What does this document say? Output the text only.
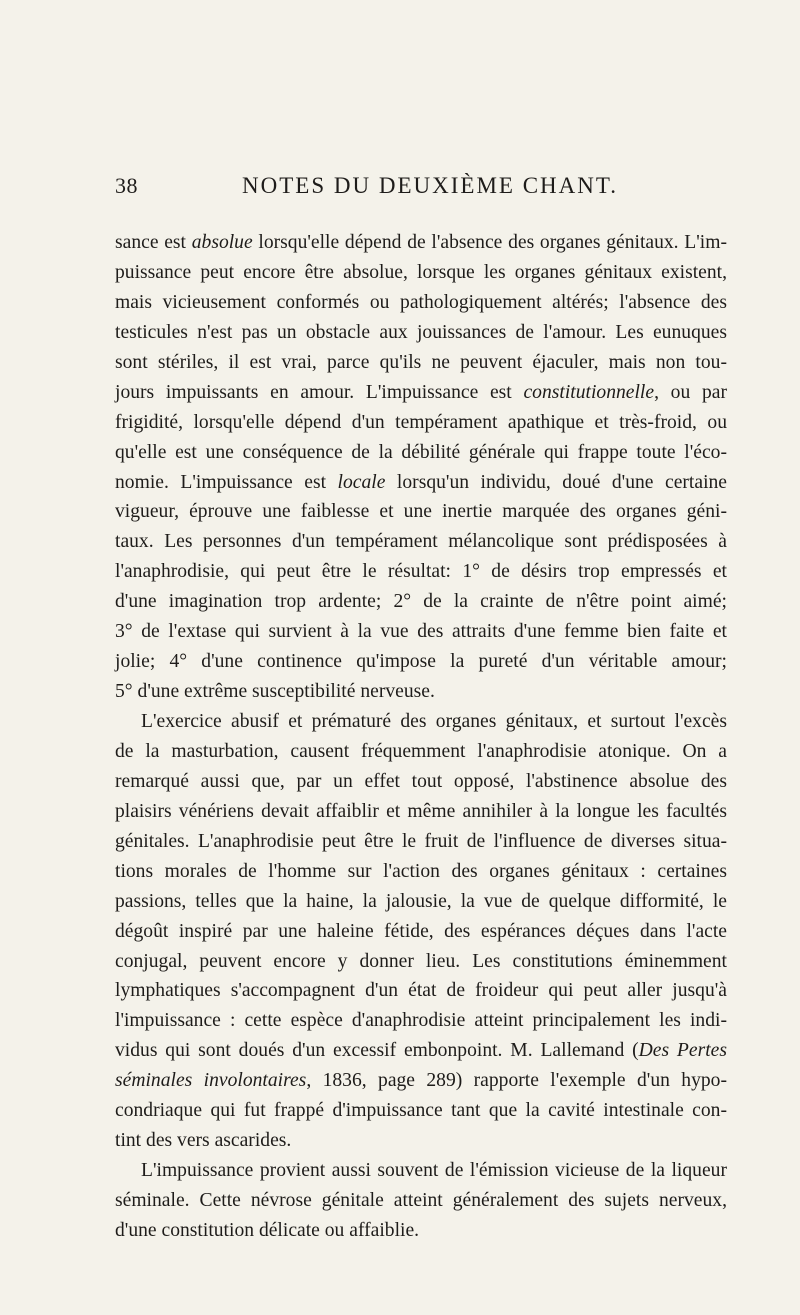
38	NOTES DU DEUXIÈME CHANT.
sance est absolue lorsqu'elle dépend de l'absence des organes génitaux. L'im-
puissance peut encore être absolue, lorsque les organes génitaux existent,
mais vicieusement conformés ou pathologiquement altérés; l'absence des
testicules n'est pas un obstacle aux jouissances de l'amour. Les eunuques
sont stériles, il est vrai, parce qu'ils ne peuvent éjaculer, mais non tou-
jours impuissants en amour. L'impuissance est constitutionnelle, ou par
frigidité, lorsqu'elle dépend d'un tempérament apathique et très-froid, ou
qu'elle est une conséquence de la débilité générale qui frappe toute l'éco-
nomie. L'impuissance est locale lorsqu'un individu, doué d'une certaine
vigueur, éprouve une faiblesse et une inertie marquée des organes géni-
taux. Les personnes d'un tempérament mélancolique sont prédisposées à
l'anaphrodisie, qui peut être le résultat: 1° de désirs trop empressés et
d'une imagination trop ardente; 2° de la crainte de n'être point aimé;
3° de l'extase qui survient à la vue des attraits d'une femme bien faite et
jolie; 4° d'une continence qu'impose la pureté d'un véritable amour;
5° d'une extrême susceptibilité nerveuse.
L'exercice abusif et prématuré des organes génitaux, et surtout l'excès
de la masturbation, causent fréquemment l'anaphrodisie atonique. On a
remarqué aussi que, par un effet tout opposé, l'abstinence absolue des
plaisirs vénériens devait affaiblir et même annihiler à la longue les facultés
génitales. L'anaphrodisie peut être le fruit de l'influence de diverses situa-
tions morales de l'homme sur l'action des organes génitaux : certaines
passions, telles que la haine, la jalousie, la vue de quelque difformité, le
dégoût inspiré par une haleine fétide, des espérances déçues dans l'acte
conjugal, peuvent encore y donner lieu. Les constitutions éminemment
lymphatiques s'accompagnent d'un état de froideur qui peut aller jusqu'à
l'impuissance : cette espèce d'anaphrodisie atteint principalement les indi-
vidus qui sont doués d'un excessif embonpoint. M. Lallemand (Des Pertes
séminales involontaires, 1836, page 289) rapporte l'exemple d'un hypo-
condriaque qui fut frappé d'impuissance tant que la cavité intestinale con-
tint des vers ascarides.
L'impuissance provient aussi souvent de l'émission vicieuse de la liqueur
séminale. Cette névrose génitale atteint généralement des sujets nerveux,
d'une constitution délicate ou affaiblie.
